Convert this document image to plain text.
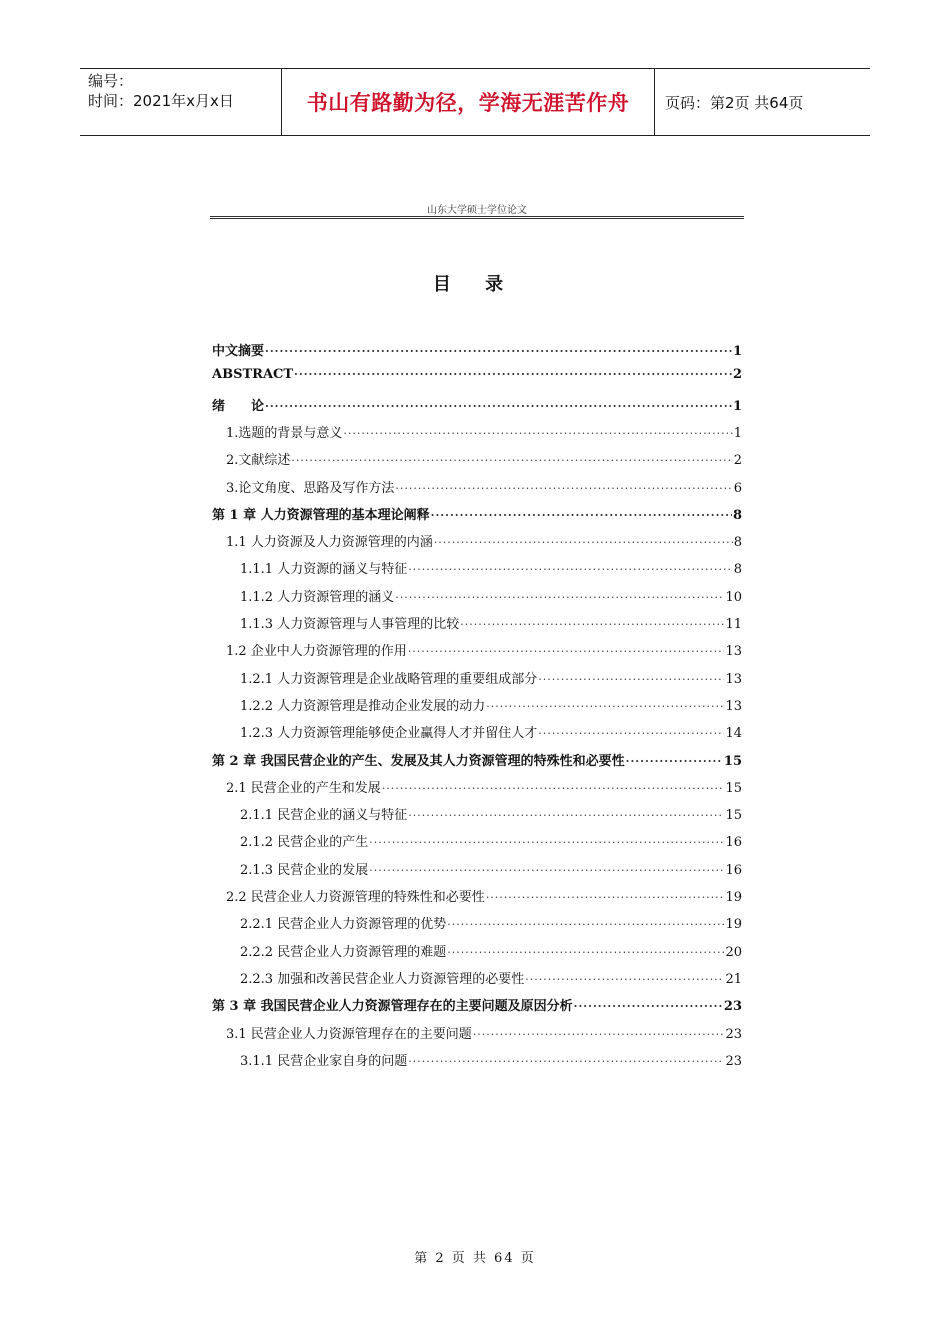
编号：
时间：2021年x月x日	书山有路勤为径，学海无涯苦作舟	页码：第2页 共64页
山东大学硕士学位论文
目 录
中文摘要 ·····	1
ABSTRACT ·····	2
绪　　论 ·····	1
1.选题的背景与意义 ·····	1
2.文献综述 ·····	2
3.论文角度、思路及写作方法 ·····	6
第 1 章 人力资源管理的基本理论阐释 ·····	8
1.1 人力资源及人力资源管理的内涵 ·····	8
1.1.1 人力资源的涵义与特征 ·····	8
1.1.2 人力资源管理的涵义 ·····	10
1.1.3 人力资源管理与人事管理的比较 ·····	11
1.2 企业中人力资源管理的作用 ·····	13
1.2.1 人力资源管理是企业战略管理的重要组成部分 ·····	13
1.2.2 人力资源管理是推动企业发展的动力 ·····	13
1.2.3 人力资源管理能够使企业赢得人才并留住人才 ·····	14
第 2 章 我国民营企业的产生、发展及其人力资源管理的特殊性和必要性 ·····	15
2.1 民营企业的产生和发展 ·····	15
2.1.1 民营企业的涵义与特征 ·····	15
2.1.2 民营企业的产生 ·····	16
2.1.3 民营企业的发展 ·····	16
2.2 民营企业人力资源管理的特殊性和必要性 ·····	19
2.2.1 民营企业人力资源管理的优势 ·····	19
2.2.2 民营企业人力资源管理的难题 ·····	20
2.2.3 加强和改善民营企业人力资源管理的必要性 ·····	21
第 3 章 我国民营企业人力资源管理存在的主要问题及原因分析 ·····	23
3.1 民营企业人力资源管理存在的主要问题 ·····	23
3.1.1 民营企业家自身的问题 ·····	23
第 2 页 共 64 页
